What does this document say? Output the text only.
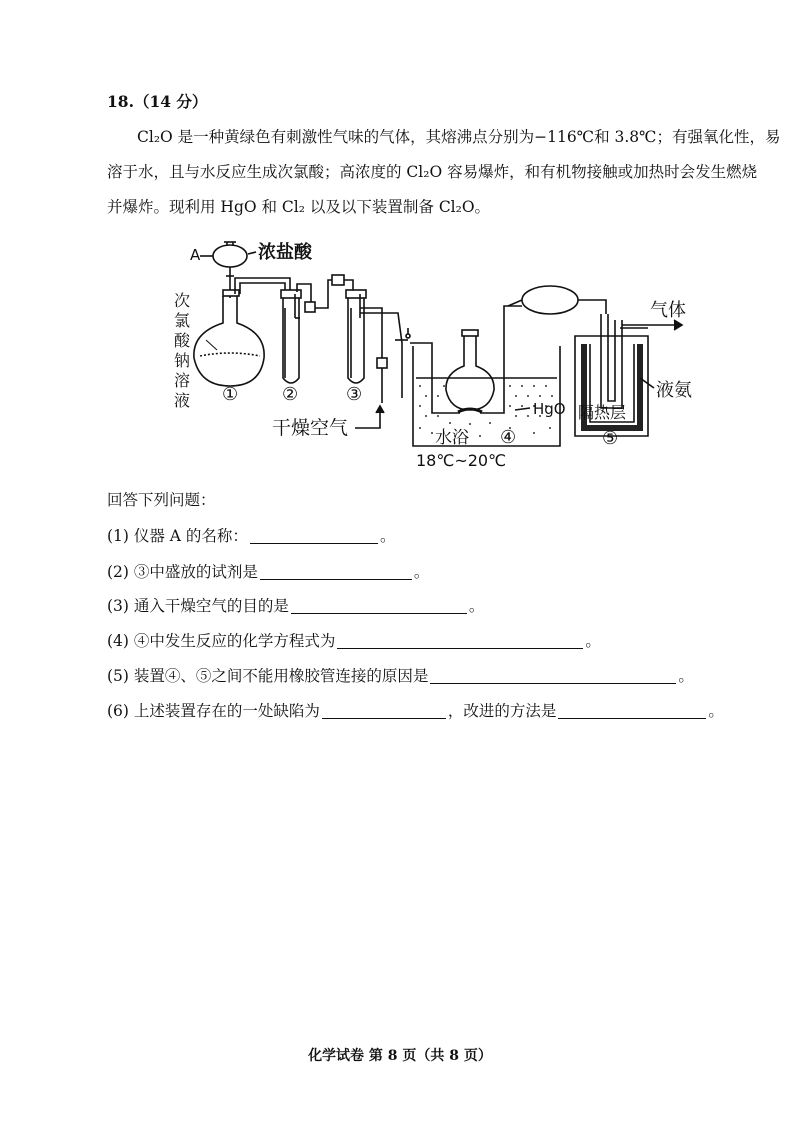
18.（14 分）
Cl₂O 是一种黄绿色有刺激性气味的气体，其熔沸点分别为−116℃和 3.8℃；有强氧化性，易
溶于水，且与水反应生成次氯酸；高浓度的 Cl₂O 容易爆炸，和有机物接触或加热时会发生燃烧
并爆炸。现利用 HgO 和 Cl₂ 以及以下装置制备 Cl₂O。
A	浓盐酸
次
氯
酸
钠
溶
液 ① ②	③
干燥空气
HgO
水浴 ④
18℃~20℃
气体
液氨
隔热层
⑤
回答下列问题：
(1) 仪器 A 的名称：	。
(2) ③中盛放的试剂是	。
(3) 通入干燥空气的目的是	。
(4) ④中发生反应的化学方程式为	。
(5) 装置④、⑤之间不能用橡胶管连接的原因是	。
(6) 上述装置存在的一处缺陷为	，改进的方法是	。
化学试卷 第 8 页（共 8 页）
